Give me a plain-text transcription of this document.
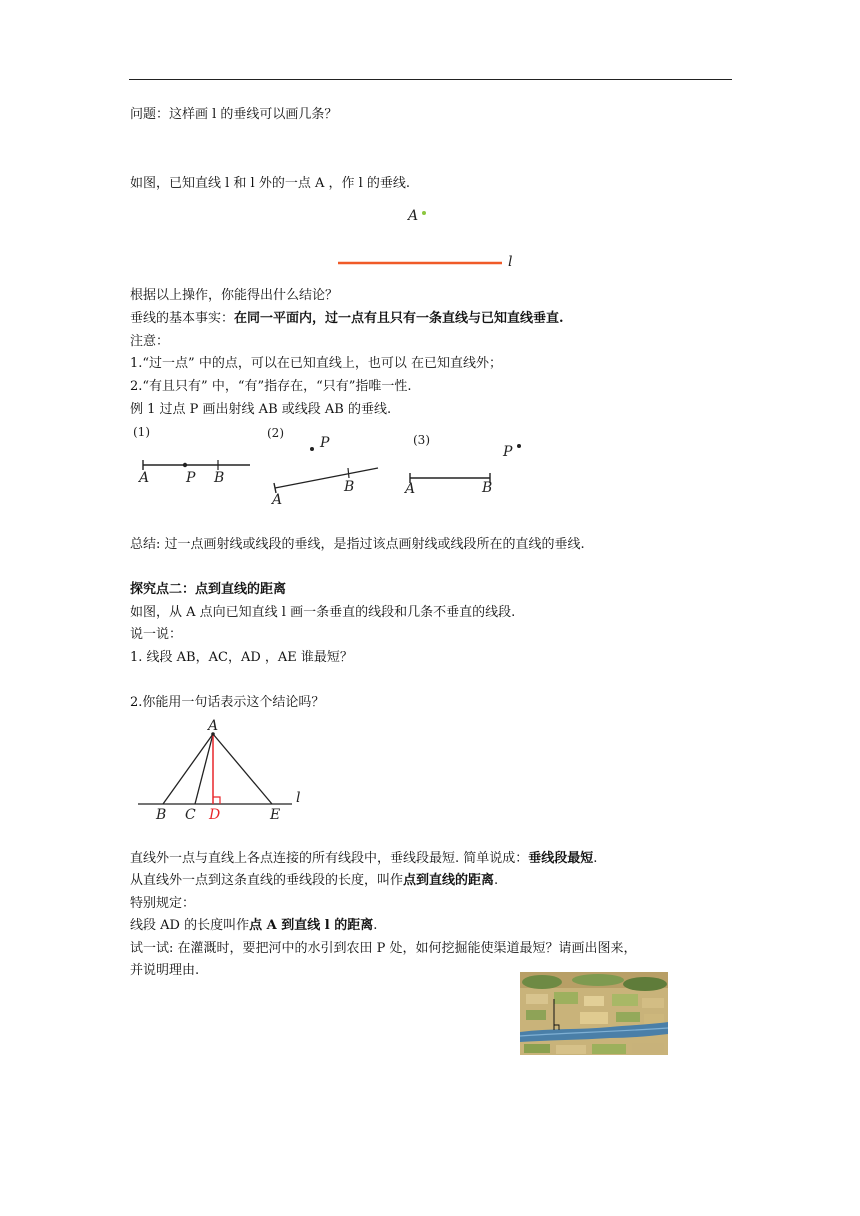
问题：这样画 l 的垂线可以画几条？
如图，已知直线 l 和 l 外的一点 A ，作 l 的垂线.
A
l
根据以上操作，你能得出什么结论？
垂线的基本事实：在同一平面内，过一点有且只有一条直线与已知直线垂直.
注意：
1.“过一点” 中的点，可以在已知直线上，也可以 在已知直线外；
2.“有且只有” 中，“有”指存在，“只有”指唯一性.
例 1 过点 P 画出射线 AB 或线段 AB 的垂线.
(1)
A	P B
(2)
P
A
B
(3)
P
A	B
总结: 过一点画射线或线段的垂线，是指过该点画射线或线段所在的直线的垂线.
探究点二：点到直线的距离
如图，从 A 点向已知直线 l 画一条垂直的线段和几条不垂直的线段.
说一说：
1. 线段 AB，AC，AD ，AE 谁最短？
2.你能用一句话表示这个结论吗？
l
A
B C D	E
直线外一点与直线上各点连接的所有线段中，垂线段最短. 简单说成：垂线段最短.
从直线外一点到这条直线的垂线段的长度，叫作点到直线的距离.
特别规定：
线段 AD 的长度叫作点 A 到直线 l 的距离.
试一试: 在灌溉时，要把河中的水引到农田 P 处，如何挖掘能使渠道最短？请画出图来，
并说明理由.
